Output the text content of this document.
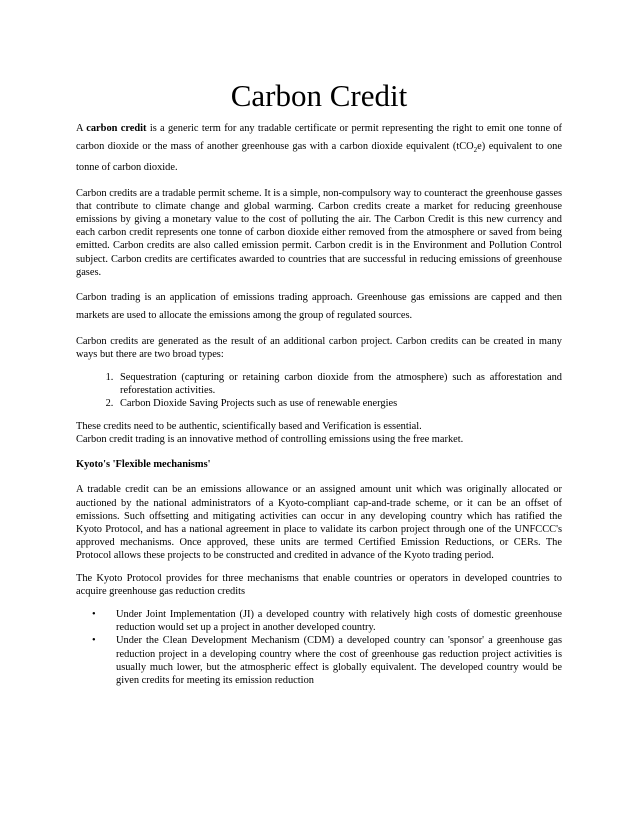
Carbon Credit

A carbon credit is a generic term for any tradable certificate or permit representing the right to emit one tonne of carbon dioxide or the mass of another greenhouse gas with a carbon dioxide equivalent (tCO$_2$e) equivalent to one tonne of carbon dioxide.

Carbon credits are a tradable permit scheme. It is a simple, non-compulsory way to counteract the greenhouse gasses that contribute to climate change and global warming. Carbon credits create a market for reducing greenhouse emissions by giving a monetary value to the cost of polluting the air. The Carbon Credit is this new currency and each carbon credit represents one tonne of carbon dioxide either removed from the atmosphere or saved from being emitted. Carbon credits are also called emission permit. Carbon credit is in the Environment and Pollution Control subject. Carbon credits are certificates awarded to countries that are successful in reducing emissions of greenhouse gases.

Carbon trading is an application of emissions trading approach. Greenhouse gas emissions are capped and then markets are used to allocate the emissions among the group of regulated sources.

Carbon credits are generated as the result of an additional carbon project. Carbon credits can be created in many ways but there are two broad types:

1. Sequestration (capturing or retaining carbon dioxide from the atmosphere) such as afforestation and reforestation activities.
2. Carbon Dioxide Saving Projects such as use of renewable energies

These credits need to be authentic, scientifically based and Verification is essential.

Carbon credit trading is an innovative method of controlling emissions using the free market.

Kyoto's 'Flexible mechanisms'

A tradable credit can be an emissions allowance or an assigned amount unit which was originally allocated or auctioned by the national administrators of a Kyoto-compliant cap-and-trade scheme, or it can be an offset of emissions. Such offsetting and mitigating activities can occur in any developing country which has ratified the Kyoto Protocol, and has a national agreement in place to validate its carbon project through one of the UNFCCC's approved mechanisms. Once approved, these units are termed Certified Emission Reductions, or CERs. The Protocol allows these projects to be constructed and credited in advance of the Kyoto trading period.

The Kyoto Protocol provides for three mechanisms that enable countries or operators in developed countries to acquire greenhouse gas reduction credits

• Under Joint Implementation (JI) a developed country with relatively high costs of domestic greenhouse reduction would set up a project in another developed country.
• Under the Clean Development Mechanism (CDM) a developed country can 'sponsor' a greenhouse gas reduction project in a developing country where the cost of greenhouse gas reduction project activities is usually much lower, but the atmospheric effect is globally equivalent. The developed country would be given credits for meeting its emission reduction
